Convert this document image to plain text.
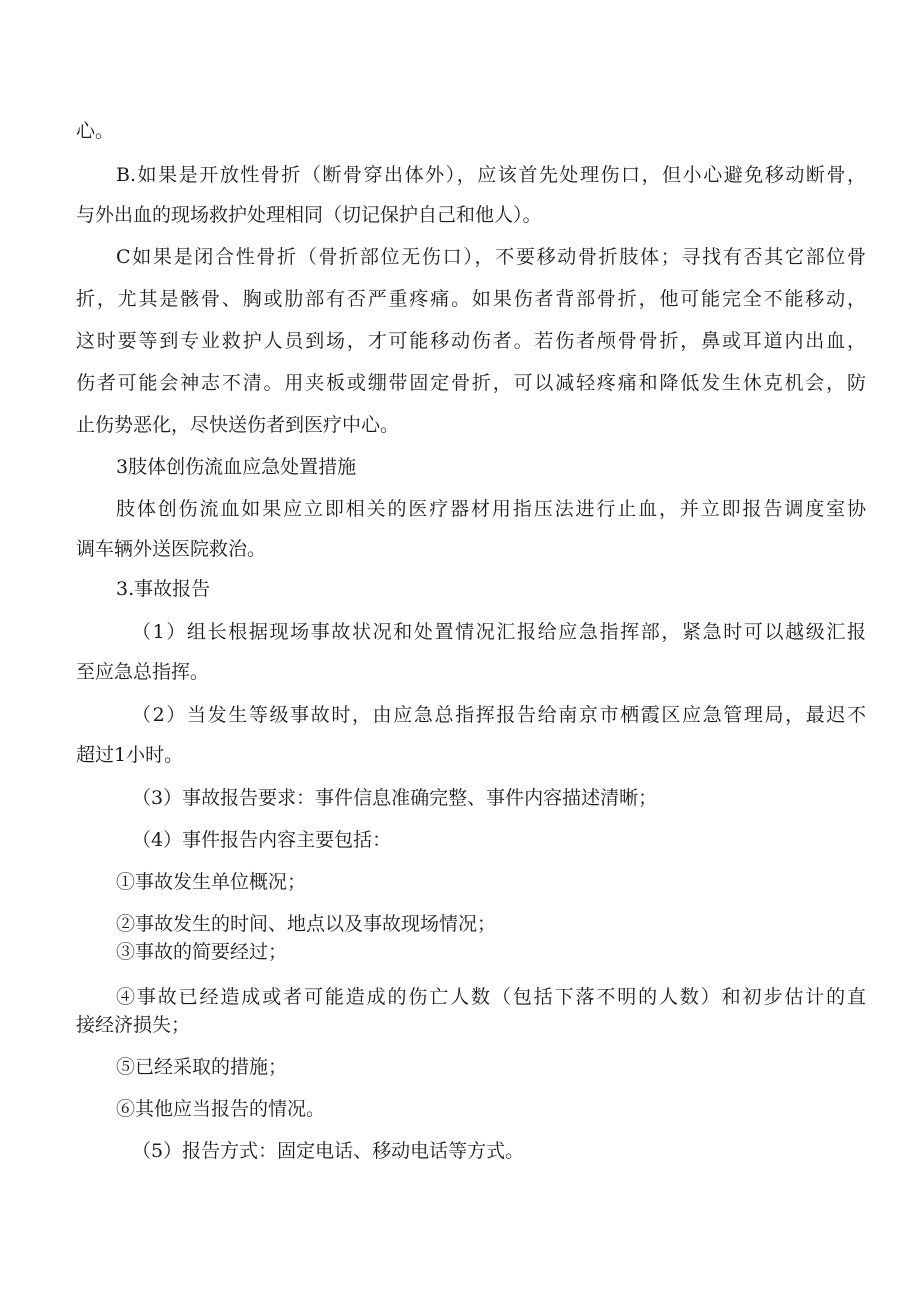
心。
B.如果是开放性骨折（断骨穿出体外），应该首先处理伤口，但小心避免移动断骨，
与外出血的现场救护处理相同（切记保护自己和他人）。
C如果是闭合性骨折（骨折部位无伤口），不要移动骨折肢体；寻找有否其它部位骨
折，尤其是骸骨、胸或肋部有否严重疼痛。如果伤者背部骨折，他可能完全不能移动，
这时要等到专业救护人员到场，才可能移动伤者。若伤者颅骨骨折，鼻或耳道内出血，
伤者可能会神志不清。用夹板或绷带固定骨折，可以减轻疼痛和降低发生休克机会，防
止伤势恶化，尽快送伤者到医疗中心。
3肢体创伤流血应急处置措施
肢体创伤流血如果应立即相关的医疗器材用指压法进行止血，并立即报告调度室协
调车辆外送医院救治。
3.事故报告
（1）组长根据现场事故状况和处置情况汇报给应急指挥部，紧急时可以越级汇报
至应急总指挥。
（2）当发生等级事故时，由应急总指挥报告给南京市栖霞区应急管理局，最迟不
超过1小时。
（3）事故报告要求：事件信息准确完整、事件内容描述清晰；
（4）事件报告内容主要包括：
①事故发生单位概况；
②事故发生的时间、地点以及事故现场情况；
③事故的简要经过；
④事故已经造成或者可能造成的伤亡人数（包括下落不明的人数）和初步估计的直
接经济损失；
⑤已经采取的措施；
⑥其他应当报告的情况。
（5）报告方式：固定电话、移动电话等方式。
